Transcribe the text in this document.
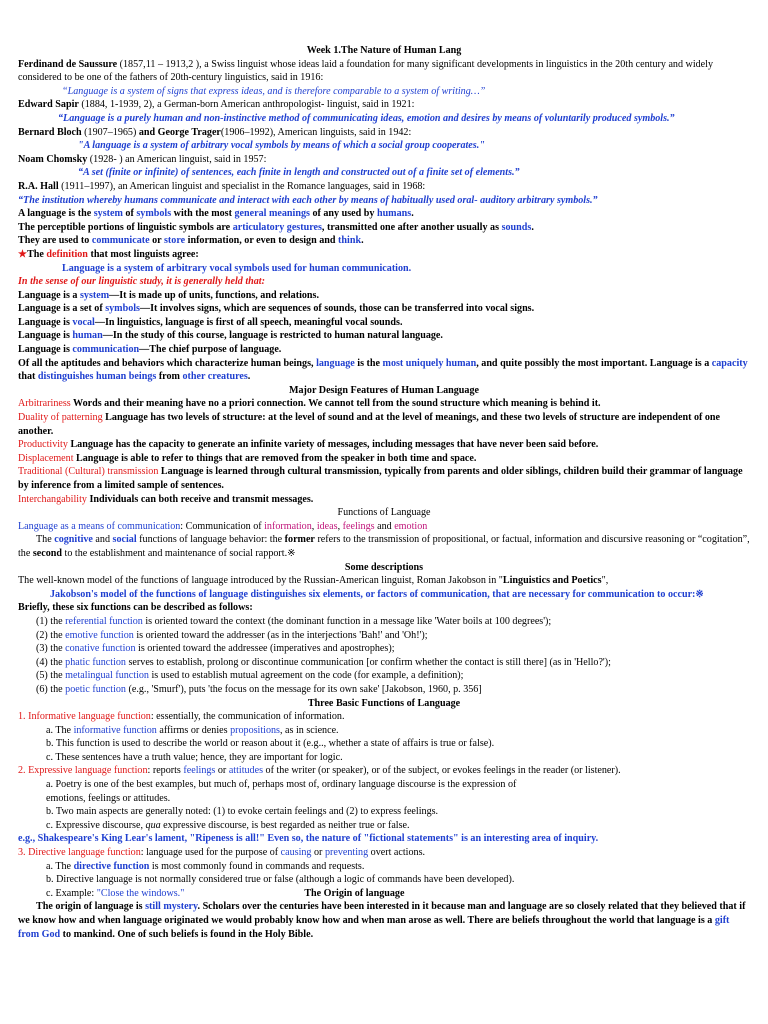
Week 1.The Nature of Human Lang
Ferdinand de Saussure (1857,11 – 1913,2 ), a Swiss linguist whose ideas laid a foundation for many significant developments in linguistics in the 20th century and widely considered to be one of the fathers of 20th-century linguistics, said in 1916:
“Language is a system of signs that express ideas, and is therefore comparable to a system of writing…”
Edward Sapir (1884, 1-1939, 2), a German-born American anthropologist- linguist, said in 1921:
“Language is a purely human and non-instinctive method of communicating ideas, emotion and desires by means of voluntarily produced symbols.”
Bernard Bloch (1907–1965) and George Trager(1906–1992), American linguists, said in 1942:
"A language is a system of arbitrary vocal symbols by means of which a social group cooperates."
Noam Chomsky (1928- ) an American linguist, said in 1957:
“A set (finite or infinite) of sentences, each finite in length and constructed out of a finite set of elements.”
R.A. Hall (1911–1997), an American linguist and specialist in the Romance languages, said in 1968:
“The institution whereby humans communicate and interact with each other by means of habitually used oral- auditory arbitrary symbols.”
A language is the system of symbols with the most general meanings of any used by humans.
The perceptible portions of linguistic symbols are articulatory gestures, transmitted one after another usually as sounds.
They are used to communicate or store information, or even to design and think.
★The definition that most linguists agree:
Language is a system of arbitrary vocal symbols used for human communication.
In the sense of our linguistic study, it is generally held that:
Language is a system—It is made up of units, functions, and relations.
Language is a set of symbols—It involves signs, which are sequences of sounds, those can be transferred into vocal signs.
Language is vocal—In linguistics, language is first of all speech, meaningful vocal sounds.
Language is human—In the study of this course, language is restricted to human natural language.
Language is communication—The chief purpose of language.
Of all the aptitudes and behaviors which characterize human beings, language is the most uniquely human, and quite possibly the most important. Language is a capacity that distinguishes human beings from other creatures.
Major Design Features of Human Language
Arbitrariness Words and their meaning have no a priori connection. We cannot tell from the sound structure which meaning is behind it.
Duality of patterning Language has two levels of structure: at the level of sound and at the level of meanings, and these two levels of structure are independent of one another.
Productivity Language has the capacity to generate an infinite variety of messages, including messages that have never been said before.
Displacement Language is able to refer to things that are removed from the speaker in both time and space.
Traditional (Cultural) transmission Language is learned through cultural transmission, typically from parents and older siblings, children build their grammar of language by inference from a limited sample of sentences.
Interchangability Individuals can both receive and transmit messages.
Functions of Language
Language as a means of communication: Communication of information, ideas, feelings and emotion
The cognitive and social functions of language behavior: the former refers to the transmission of propositional, or factual, information and discursive reasoning or “cogitation”, the second to the establishment and maintenance of social rapport.※
Some descriptions
The well-known model of the functions of language introduced by the Russian-American linguist, Roman Jakobson in "Linguistics and Poetics",
Jakobson's model of the functions of language distinguishes six elements, or factors of communication, that are necessary for communication to occur:※
Briefly, these six functions can be described as follows:
(1) the referential function is oriented toward the context (the dominant function in a message like 'Water boils at 100 degrees');
(2) the emotive function is oriented toward the addresser (as in the interjections 'Bah!' and 'Oh!');
(3) the conative function is oriented toward the addressee (imperatives and apostrophes);
(4) the phatic function serves to establish, prolong or discontinue communication [or confirm whether the contact is still there] (as in 'Hello?');
(5) the metalingual function is used to establish mutual agreement on the code (for example, a definition);
(6) the poetic function (e.g., 'Smurf'), puts 'the focus on the message for its own sake' [Jakobson, 1960, p. 356]
Three Basic Functions of Language
1. Informative language function: essentially, the communication of information.
a. The informative function affirms or denies propositions, as in science.
b. This function is used to describe the world or reason about it (e.g.., whether a state of affairs is true or false).
c. These sentences have a truth value; hence, they are important for logic.
2. Expressive language function: reports feelings or attitudes of the writer (or speaker), or of the subject, or evokes feelings in the reader (or listener).
a. Poetry is one of the best examples, but much of, perhaps most of, ordinary language discourse is the expression of emotions, feelings or attitudes.
b. Two main aspects are generally noted: (1) to evoke certain feelings and (2) to express feelings.
c. Expressive discourse, qua expressive discourse, is best regarded as neither true or false.
e.g., Shakespeare's King Lear's lament, "Ripeness is all!" Even so, the nature of "fictional statements" is an interesting area of inquiry.
3. Directive language function: language used for the purpose of causing or preventing overt actions.
a. The directive function is most commonly found in commands and requests.
b. Directive language is not normally considered true or false (although a logic of commands have been developed).
c. Example: "Close the windows."	The Origin of language
The origin of language is still mystery. Scholars over the centuries have been interested in it because man and language are so closely related that they believed that if we know how and when language originated we would probably know how and when man arose as well. There are beliefs throughout the world that language is a gift from God to mankind. One of such beliefs is found in the Holy Bible.
